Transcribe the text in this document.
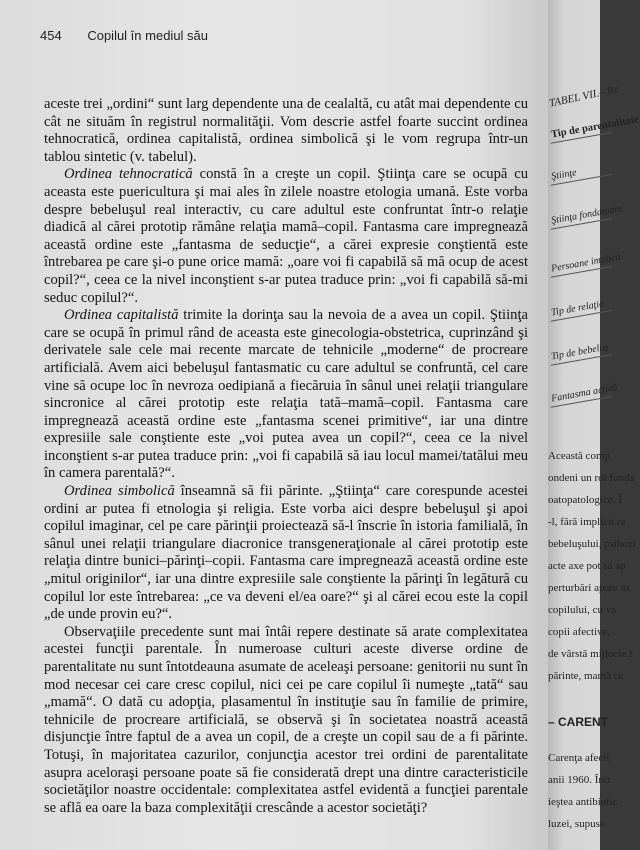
454 Copilul în mediul său

aceste trei „ordini“ sunt larg dependente una de cealaltă, cu atât mai dependente cu cât ne situăm în registrul normalităţii. Vom descrie astfel foarte succint ordinea tehnocratică, ordinea capitalistă, ordinea simbolică şi le vom regrupa într-un tablou sintetic (v. tabelul).

Ordinea tehnocratică constă în a creşte un copil. Ştiinţa care se ocupă cu aceasta este puericultura şi mai ales în zilele noastre etologia umană. Este vorba despre bebeluşul real interactiv, cu care adultul este confruntat într-o relaţie diadică al cărei prototip rămâne relaţia mamă–copil. Fantasma care impregnează această ordine este „fantasma de seducţie“, a cărei expresie conştientă este întrebarea pe care şi-o pune orice mamă: „oare voi fi capabilă să mă ocup de acest copil?“, ceea ce la nivel inconştient s-ar putea traduce prin: „voi fi capabilă să-mi seduc copilul?“.

Ordinea capitalistă trimite la dorinţa sau la nevoia de a avea un copil. Ştiinţa care se ocupă în primul rând de aceasta este ginecologia-obstetrica, cuprinzând şi derivatele sale cele mai recente marcate de tehnicile „moderne“ de procreare artificială. Avem aici bebeluşul fantasmatic cu care adultul se confruntă, cel care vine să ocupe loc în nevroza oedipiană a fiecăruia în sânul unei relaţii triangulare sincronice al cărei prototip este relaţia tată–mamă–copil. Fantasma care impregnează această ordine este „fantasma scenei primitive“, iar una dintre expresiile sale conştiente este „voi putea avea un copil?“, ceea ce la nivel inconştient s-ar putea traduce prin: „voi fi capabilă să iau locul mamei/tatălui meu în camera parentală?“.

Ordinea simbolică înseamnă să fii părinte. „Ştiinţa“ care corespunde acestei ordini ar putea fi etnologia şi religia. Este vorba aici despre bebeluşul şi apoi copilul imaginar, cel pe care părinţii proiectează să-l înscrie în istoria familială, în sânul unei relaţii triangulare diacronice transgeneraţionale al cărei prototip este relaţia dintre bunici–părinţi–copii. Fantasma care impregnează această ordine este „mitul originilor“, iar una dintre expresiile sale conştiente la părinţi în legătură cu copilul lor este întrebarea: „ce va deveni el/ea oare?“ şi al cărei ecou este la copil „de unde provin eu?“.

Observaţiile precedente sunt mai întâi repere destinate să arate complexitatea acestei funcţii parentale. În numeroase culturi aceste diverse ordine de parentalitate nu sunt întotdeauna asumate de aceleaşi persoane: genitorii nu sunt în mod necesar cei care cresc copilul, nici cei pe care copilul îi numeşte „tată“ sau „mamă“. O dată cu adopţia, plasamentul în instituţie sau în familie de primire, tehnicile de procreare artificială, se observă şi în societatea noastră această disjuncţie între faptul de a avea un copil, de a creşte un copil sau de a fi părinte. Totuşi, în majoritatea cazurilor, conjuncţia acestor trei ordini de parentalitate asupra aceloraşi persoane poate să fie considerată drept una dintre caracteristicile societăţilor noastre occidentale: complexitatea astfel evidentă a funcţiei parentale se află ea oare la baza complexităţii crescânde a acestor societăţi?

TABEL VII.– Re
Tip de parentalitate
Ştiinţe
Ştiinţa fondatoare
Persoane implica
Tip de relaţie
Tip de bebeluş
Fantasma activă
Această comp
ondeni un rol funda
oatopatologice. Î
-l, fără implicit re
bebeluşului, psihozi
acte axe pot să ap
perturbări apare as
copilului, cu va
copii afective,
de vârstă mijlocie f
părinte, mamă ce
– CARENT
Carenţa afecti
anii 1960. Într
ieştea antibiotic
luzei, supuse
